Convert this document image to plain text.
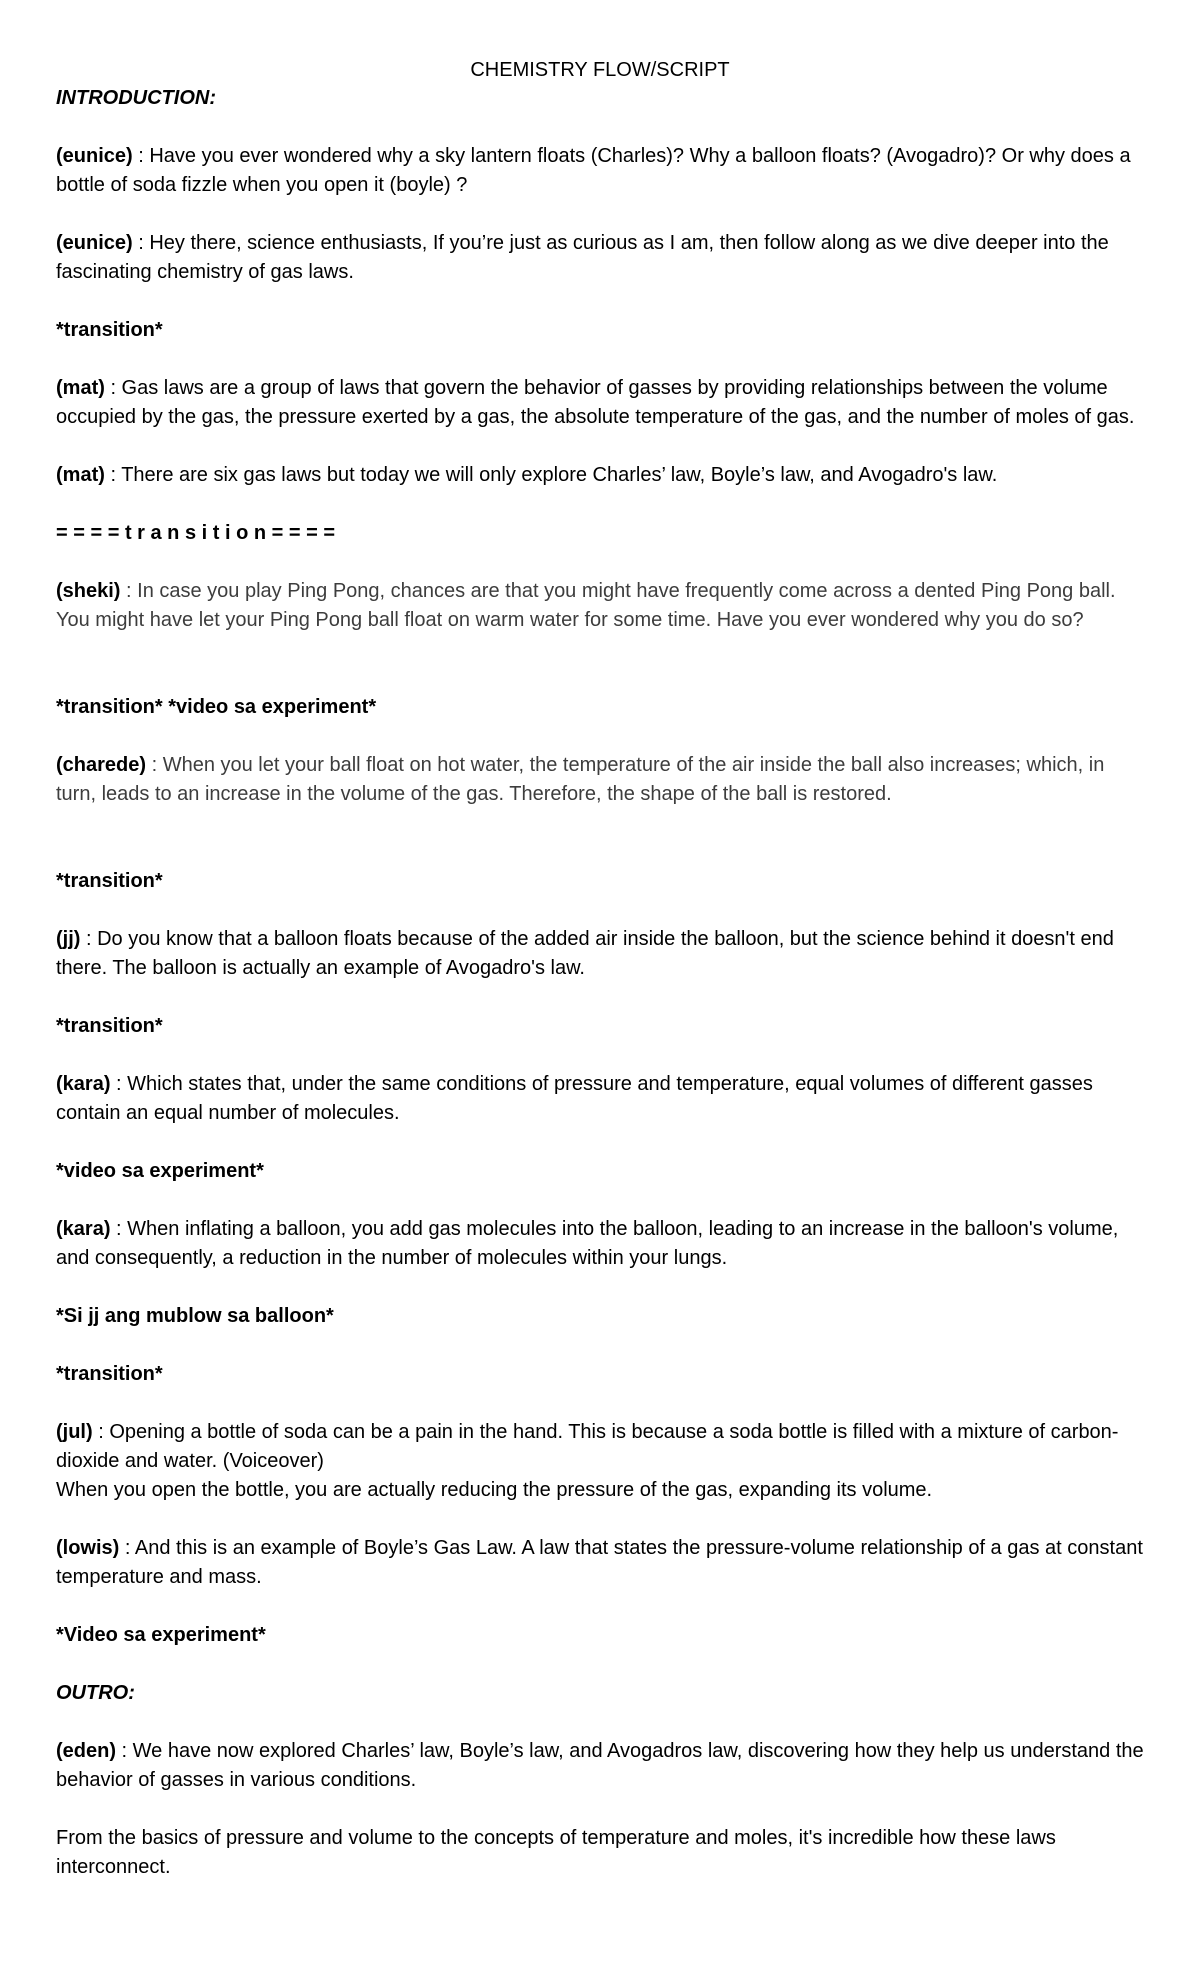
CHEMISTRY FLOW/SCRIPT

INTRODUCTION:

(eunice) : Have you ever wondered why a sky lantern floats (Charles)? Why a balloon floats? (Avogadro)? Or why does a bottle of soda fizzle when you open it (boyle) ?

(eunice) : Hey there, science enthusiasts, If you’re just as curious as I am, then follow along as we dive deeper into the fascinating chemistry of gas laws.

*transition*

(mat) : Gas laws are a group of laws that govern the behavior of gasses by providing relationships between the volume occupied by the gas, the pressure exerted by a gas, the absolute temperature of the gas, and the number of moles of gas.

(mat) : There are six gas laws but today we will only explore Charles’ law, Boyle’s law, and Avogadro's law.

= = = = t r a n s i t i o n = = = =

(sheki) : In case you play Ping Pong, chances are that you might have frequently come across a dented Ping Pong ball. You might have let your Ping Pong ball float on warm water for some time. Have you ever wondered why you do so?

*transition* *video sa experiment*

(charede) : When you let your ball float on hot water, the temperature of the air inside the ball also increases; which, in turn, leads to an increase in the volume of the gas. Therefore, the shape of the ball is restored.

*transition*

(jj) : Do you know that a balloon floats because of the added air inside the balloon, but the science behind it doesn't end there. The balloon is actually an example of Avogadro's law.

*transition*

(kara) : Which states that, under the same conditions of pressure and temperature, equal volumes of different gasses contain an equal number of molecules.

*video sa experiment*

(kara) : When inflating a balloon, you add gas molecules into the balloon, leading to an increase in the balloon's volume, and consequently, a reduction in the number of molecules within your lungs.

*Si jj ang mublow sa balloon*

*transition*

(jul) : Opening a bottle of soda can be a pain in the hand. This is because a soda bottle is filled with a mixture of carbon-dioxide and water. (Voiceover)

When you open the bottle, you are actually reducing the pressure of the gas, expanding its volume.

(lowis) : And this is an example of Boyle’s Gas Law. A law that states the pressure-volume relationship of a gas at constant temperature and mass.

*Video sa experiment*

OUTRO:

(eden) : We have now explored Charles’ law, Boyle’s law, and Avogadros law, discovering how they help us understand the behavior of gasses in various conditions.

From the basics of pressure and volume to the concepts of temperature and moles, it's incredible how these laws interconnect.
